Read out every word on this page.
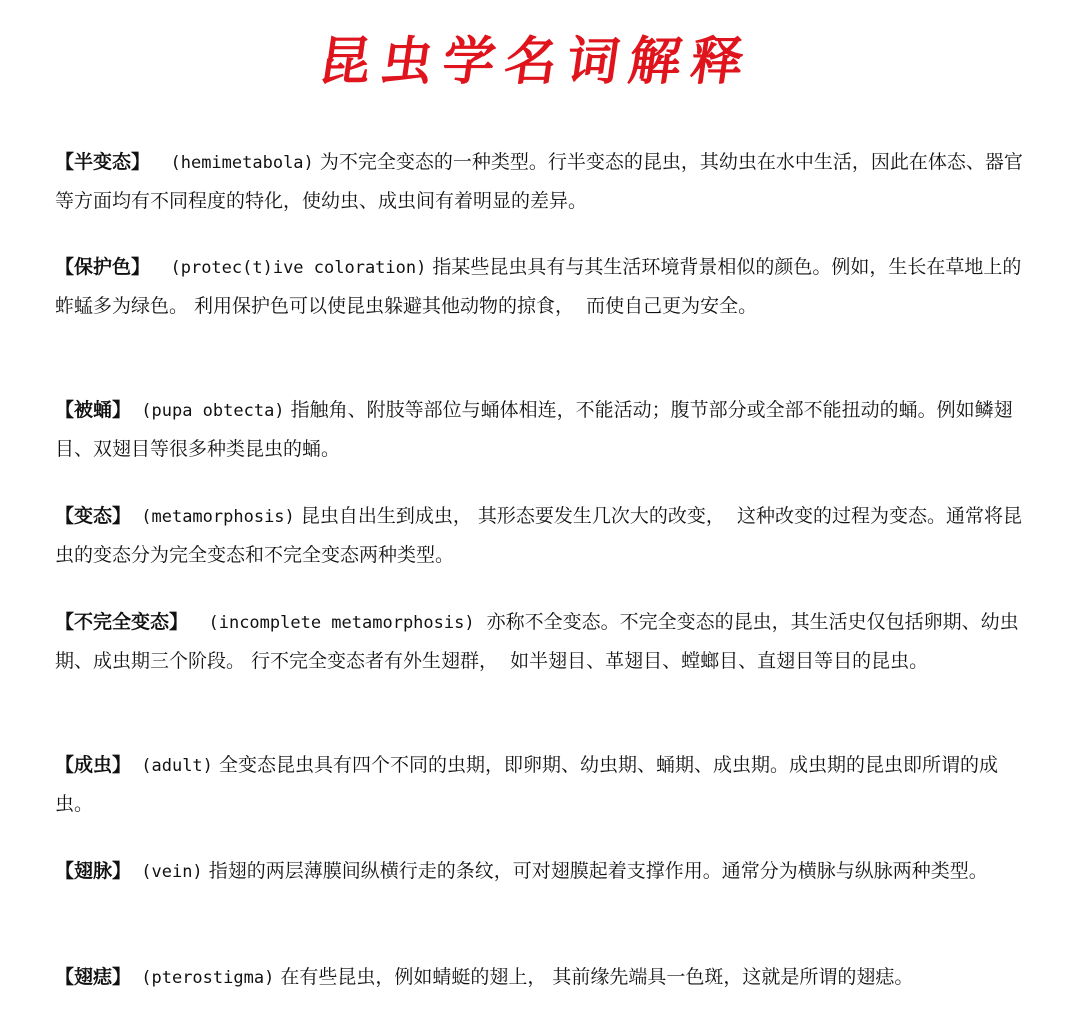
昆虫学名词解释

【半变态】  (hemimetabola) 为不完全变态的一种类型。行半变态的昆虫，其幼虫在水中生活，因此在体态、器官等方面均有不同程度的特化，使幼虫、成虫间有着明显的差异。

【保护色】  (protec(t)ive coloration) 指某些昆虫具有与其生活环境背景相似的颜色。例如，生长在草地上的蚱蜢多为绿色。 利用保护色可以使昆虫躲避其他动物的掠食，  而使自己更为安全。

【被蛹】 (pupa obtecta) 指触角、附肢等部位与蛹体相连，不能活动；腹节部分或全部不能扭动的蛹。例如鳞翅目、双翅目等很多种类昆虫的蛹。

【变态】 (metamorphosis) 昆虫自出生到成虫， 其形态要发生几次大的改变，  这种改变的过程为变态。通常将昆虫的变态分为完全变态和不完全变态两种类型。

【不完全变态】  (incomplete metamorphosis)  亦称不全变态。不完全变态的昆虫，其生活史仅包括卵期、幼虫期、成虫期三个阶段。 行不完全变态者有外生翅群，  如半翅目、革翅目、螳螂目、直翅目等目的昆虫。

【成虫】 (adult) 全变态昆虫具有四个不同的虫期，即卵期、幼虫期、蛹期、成虫期。成虫期的昆虫即所谓的成虫。

【翅脉】 (vein) 指翅的两层薄膜间纵横行走的条纹，可对翅膜起着支撑作用。通常分为横脉与纵脉两种类型。

【翅痣】 (pterostigma) 在有些昆虫，例如蜻蜓的翅上， 其前缘先端具一色斑，这就是所谓的翅痣。
